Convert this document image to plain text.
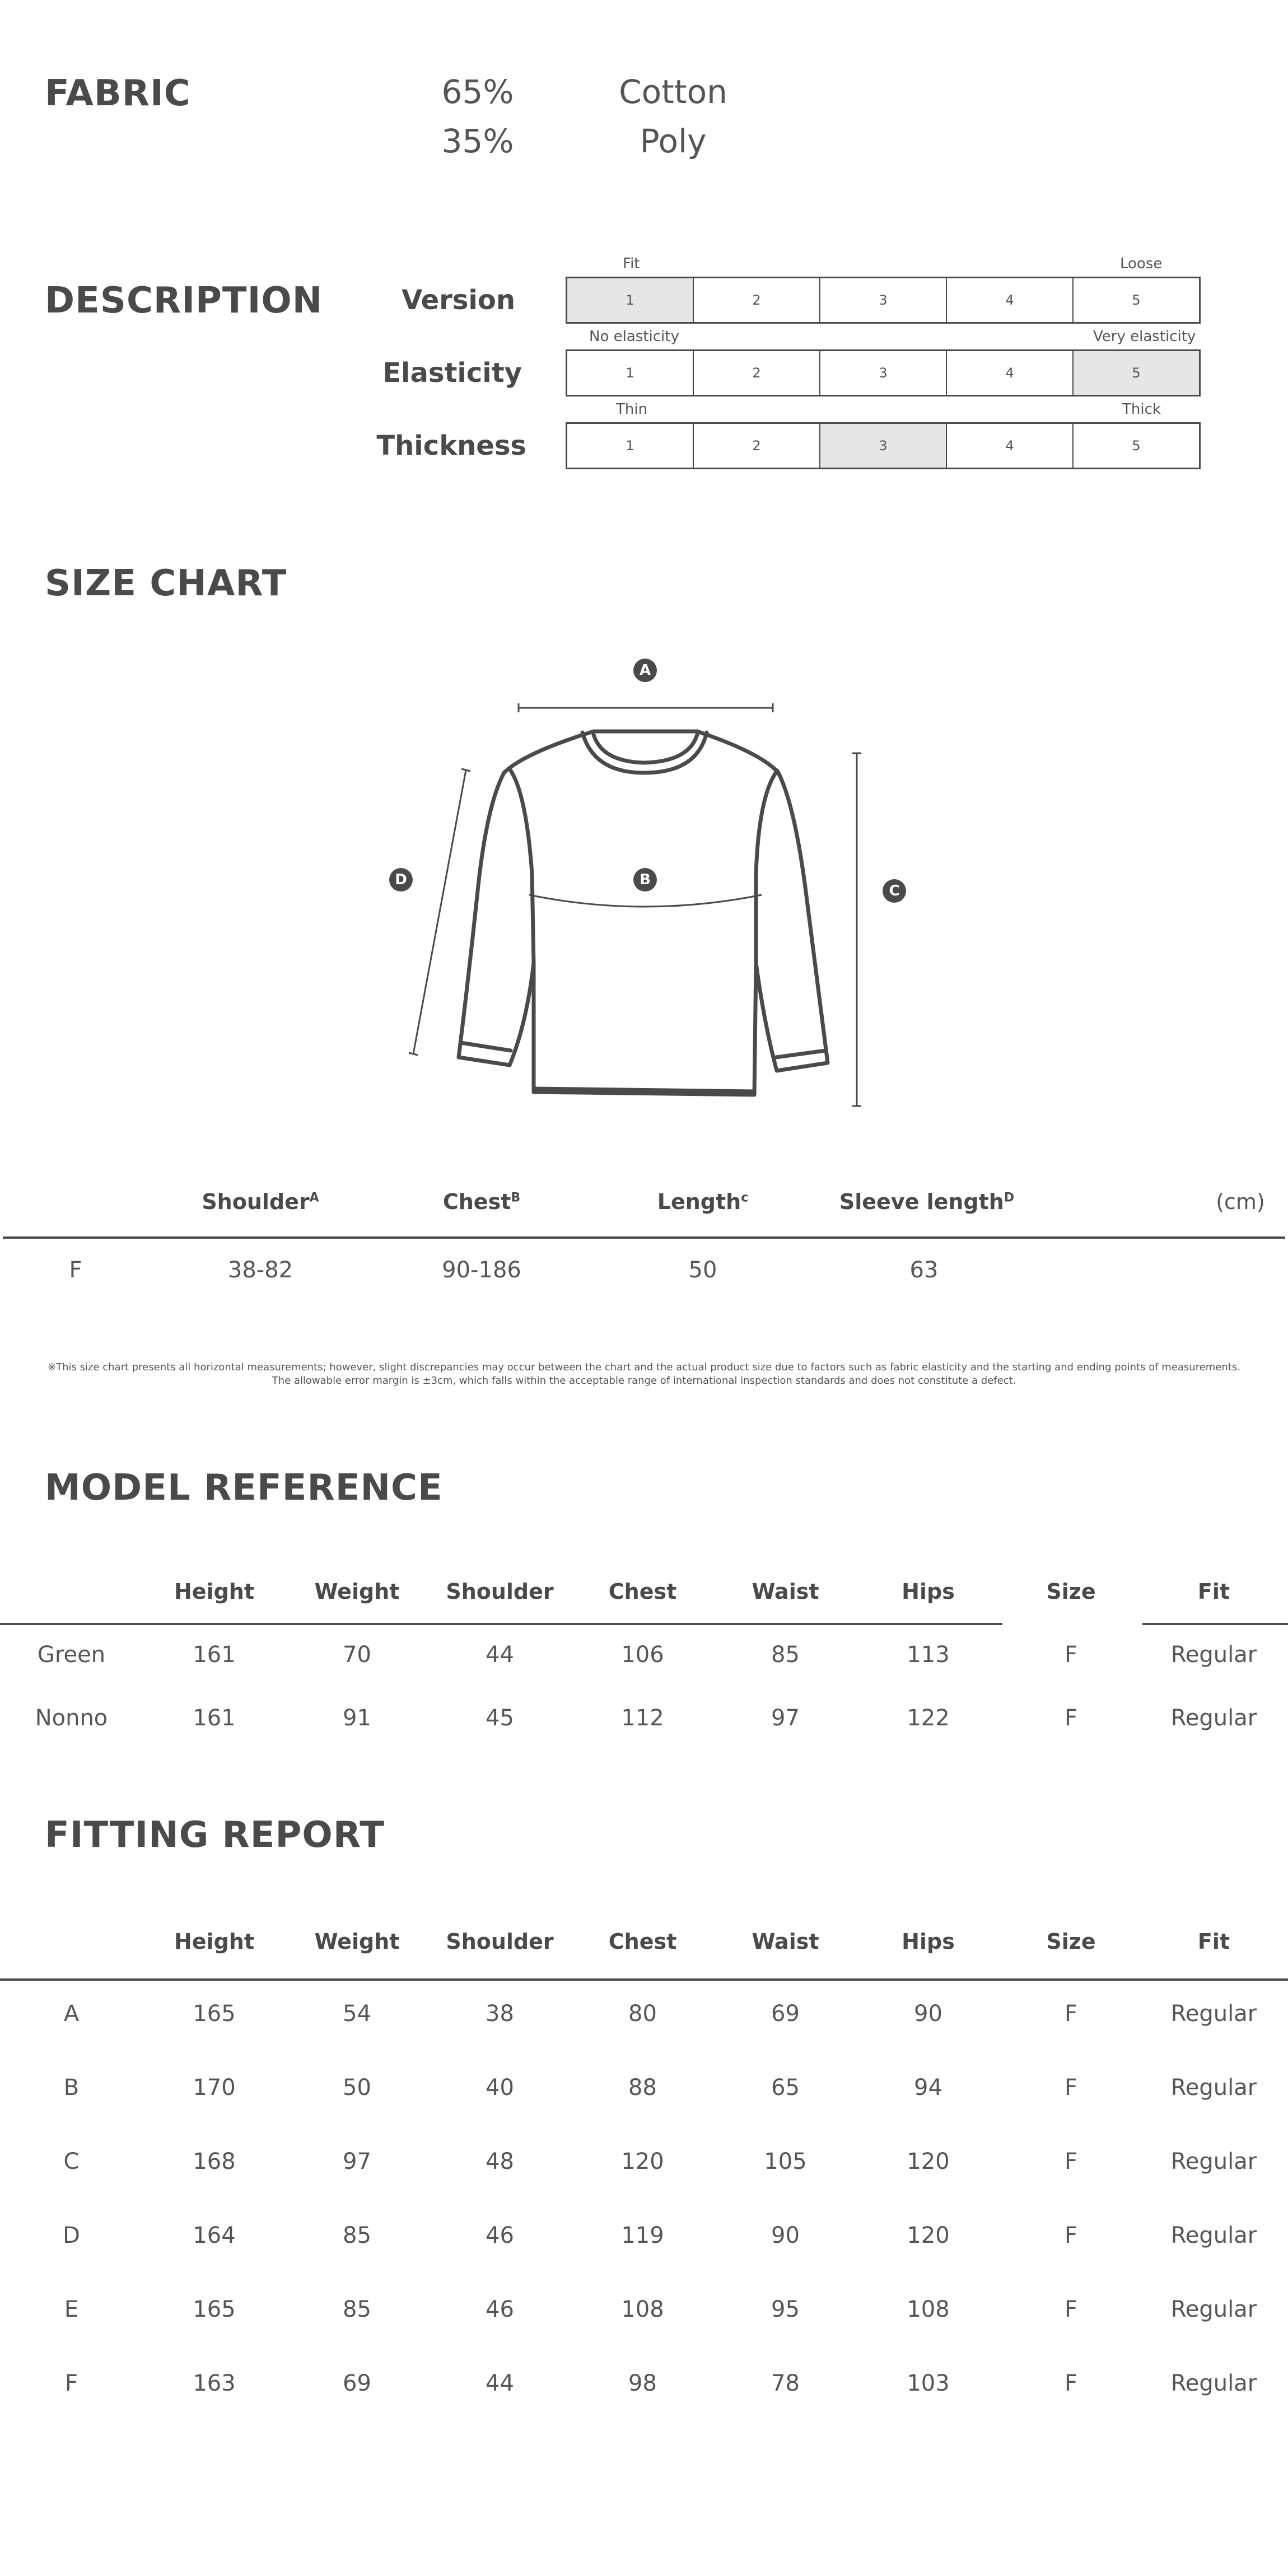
FABRIC	65%	Cotton
35%	Poly
DESCRIPTION
Fit	Loose
Version	1	2	3	4	5
No elasticity	Very elasticity
Elasticity	1	2	3	4	5
Thin	Thick
Thickness	1	2	3	4	5
SIZE CHART
A
B
C
D
Shoulder$^A$	Chest$^B$	Length$^c$	Sleeve length$^D$	(cm)
F	38-82	90-186	50	63
※This size chart presents all horizontal measurements; however, slight discrepancies may occur between the chart and the actual product size due to factors such as fabric elasticity and the starting and ending points of measurements.
The allowable error margin is ±3cm, which falls within the acceptable range of international inspection standards and does not constitute a defect.
MODEL REFERENCE
Height	Weight	Shoulder	Chest	Waist	Hips	Size	Fit
Green	161	70	44	106	85	113	F	Regular
Nonno	161	91	45	112	97	122	F	Regular
FITTING REPORT
Height	Weight	Shoulder	Chest	Waist	Hips	Size	Fit
A	165	54	38	80	69	90	F	Regular
B	170	50	40	88	65	94	F	Regular
C	168	97	48	120	105	120	F	Regular
D	164	85	46	119	90	120	F	Regular
E	165	85	46	108	95	108	F	Regular
F	163	69	44	98	78	103	F	Regular
